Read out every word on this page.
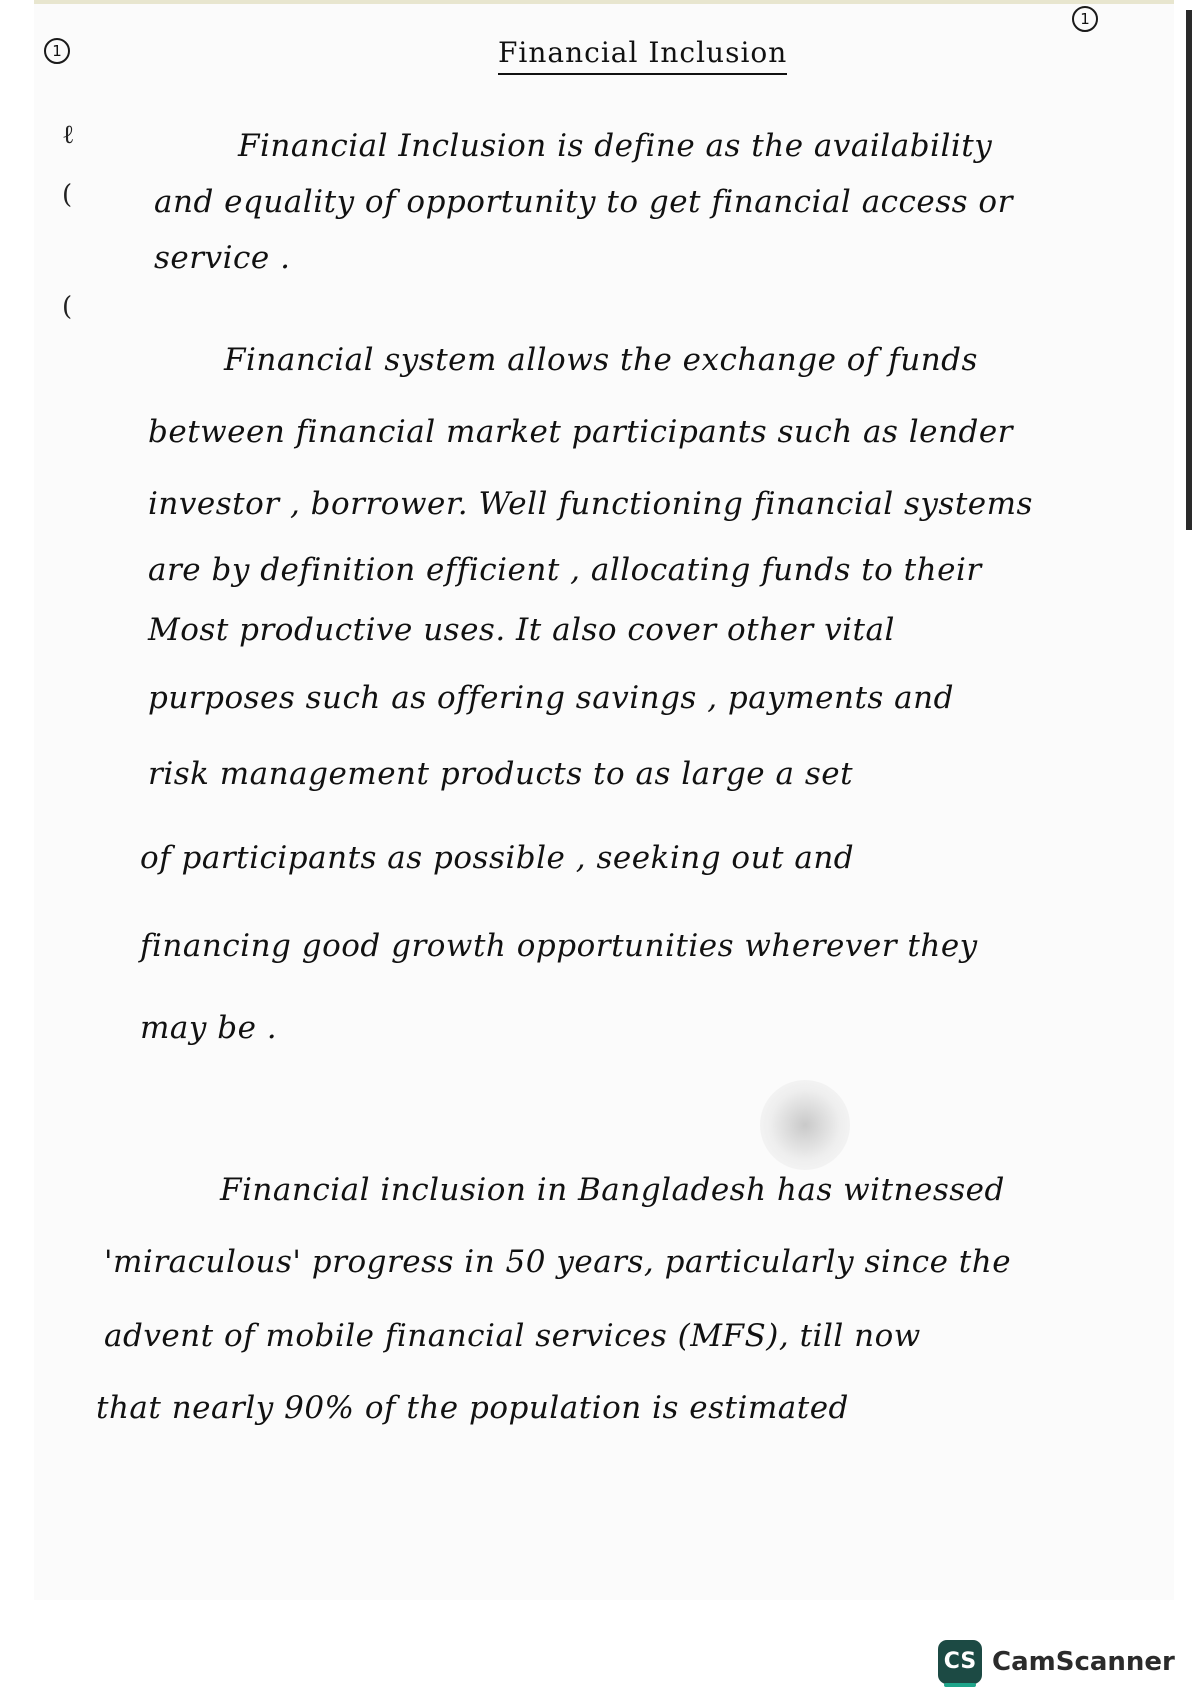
1
1
Financial Inclusion
ℓ
(
(
Financial Inclusion is define as the availability
and equality of opportunity to get financial access or
service .
Financial system allows the exchange of funds
between financial market participants such as lender
investor , borrower. Well functioning financial systems
are by definition efficient , allocating funds to their
Most productive uses. It also cover other vital
purposes such as offering savings , payments and
risk management products to as large a set
of participants as possible , seeking out and
financing good growth opportunities wherever they
may be .
Financial inclusion in Bangladesh has witnessed
'miraculous' progress in 50 years, particularly since the
advent of mobile financial services (MFS), till now
that nearly 90% of the population is estimated
CS CamScanner
